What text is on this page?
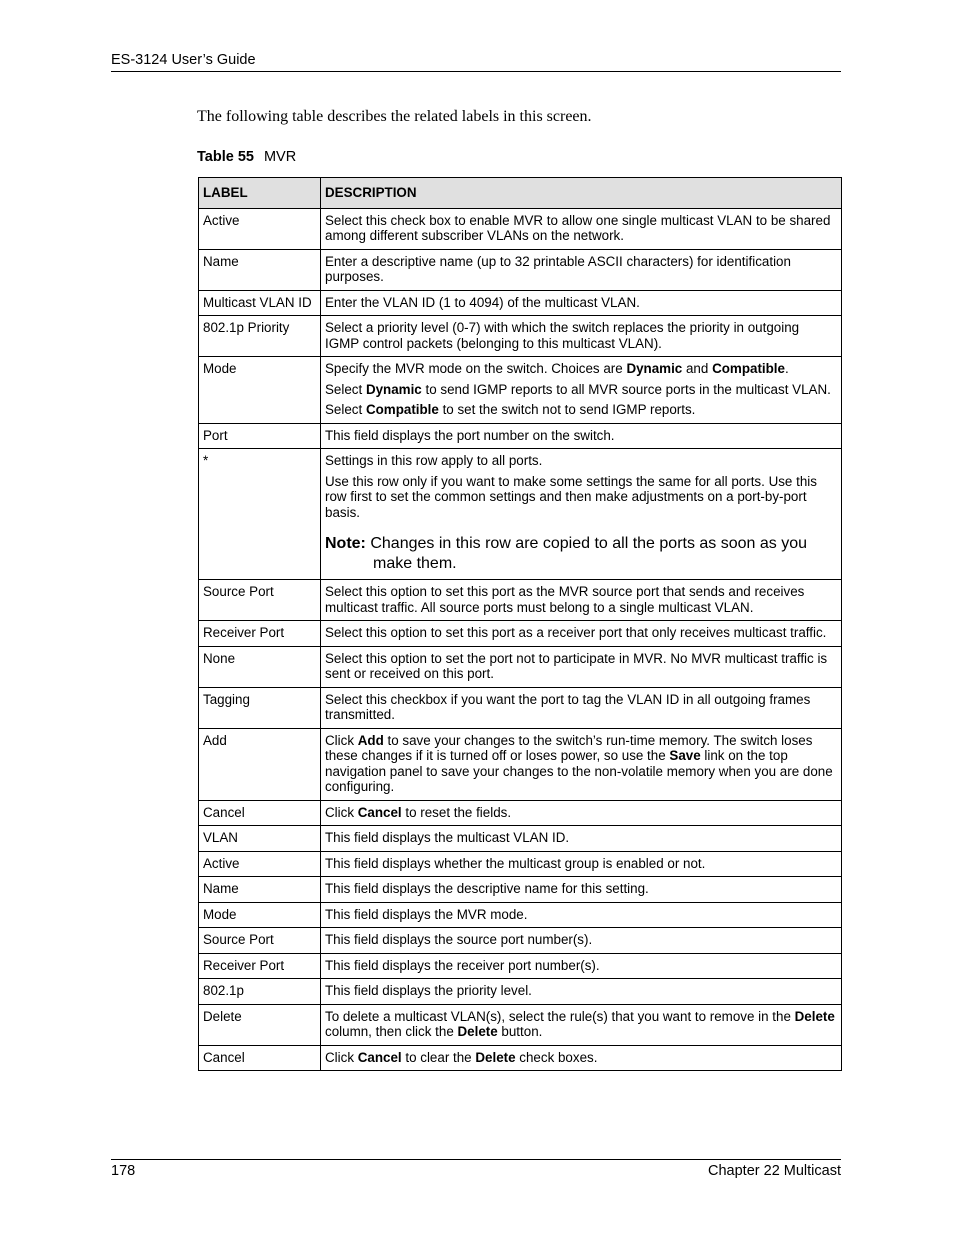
ES-3124 User’s Guide
The following table describes the related labels in this screen.
Table 55 MVR
LABEL	DESCRIPTION
Active	Select this check box to enable MVR to allow one single multicast VLAN to be shared among different subscriber VLANs on the network.

Name	Enter a descriptive name (up to 32 printable ASCII characters) for identification purposes.

Multicast VLAN ID	Enter the VLAN ID (1 to 4094) of the multicast VLAN.

802.1p Priority	Select a priority level (0-7) with which the switch replaces the priority in outgoing IGMP control packets (belonging to this multicast VLAN).

Mode	Specify the MVR mode on the switch. Choices are Dynamic and Compatible.
Select Dynamic to send IGMP reports to all MVR source ports in the multicast VLAN.
Select Compatible to set the switch not to send IGMP reports.

Port	This field displays the port number on the switch.

*	Settings in this row apply to all ports.
Use this row only if you want to make some settings the same for all ports. Use this row first to set the common settings and then make adjustments on a port-by-port basis.
Note: Changes in this row are copied to all the ports as soon as you make them.

Source Port	Select this option to set this port as the MVR source port that sends and receives multicast traffic. All source ports must belong to a single multicast VLAN.

Receiver Port	Select this option to set this port as a receiver port that only receives multicast traffic.

None	Select this option to set the port not to participate in MVR. No MVR multicast traffic is sent or received on this port.

Tagging	Select this checkbox if you want the port to tag the VLAN ID in all outgoing frames transmitted.

Add	Click Add to save your changes to the switch’s run-time memory. The switch loses these changes if it is turned off or loses power, so use the Save link on the top navigation panel to save your changes to the non-volatile memory when you are done configuring.

Cancel	Click Cancel to reset the fields.

VLAN	This field displays the multicast VLAN ID.

Active	This field displays whether the multicast group is enabled or not.

Name	This field displays the descriptive name for this setting.

Mode	This field displays the MVR mode.

Source Port	This field displays the source port number(s).

Receiver Port	This field displays the receiver port number(s).

802.1p	This field displays the priority level.

Delete	To delete a multicast VLAN(s), select the rule(s) that you want to remove in the Delete column, then click the Delete button.

Cancel	Click Cancel to clear the Delete check boxes.
178	Chapter 22 Multicast
